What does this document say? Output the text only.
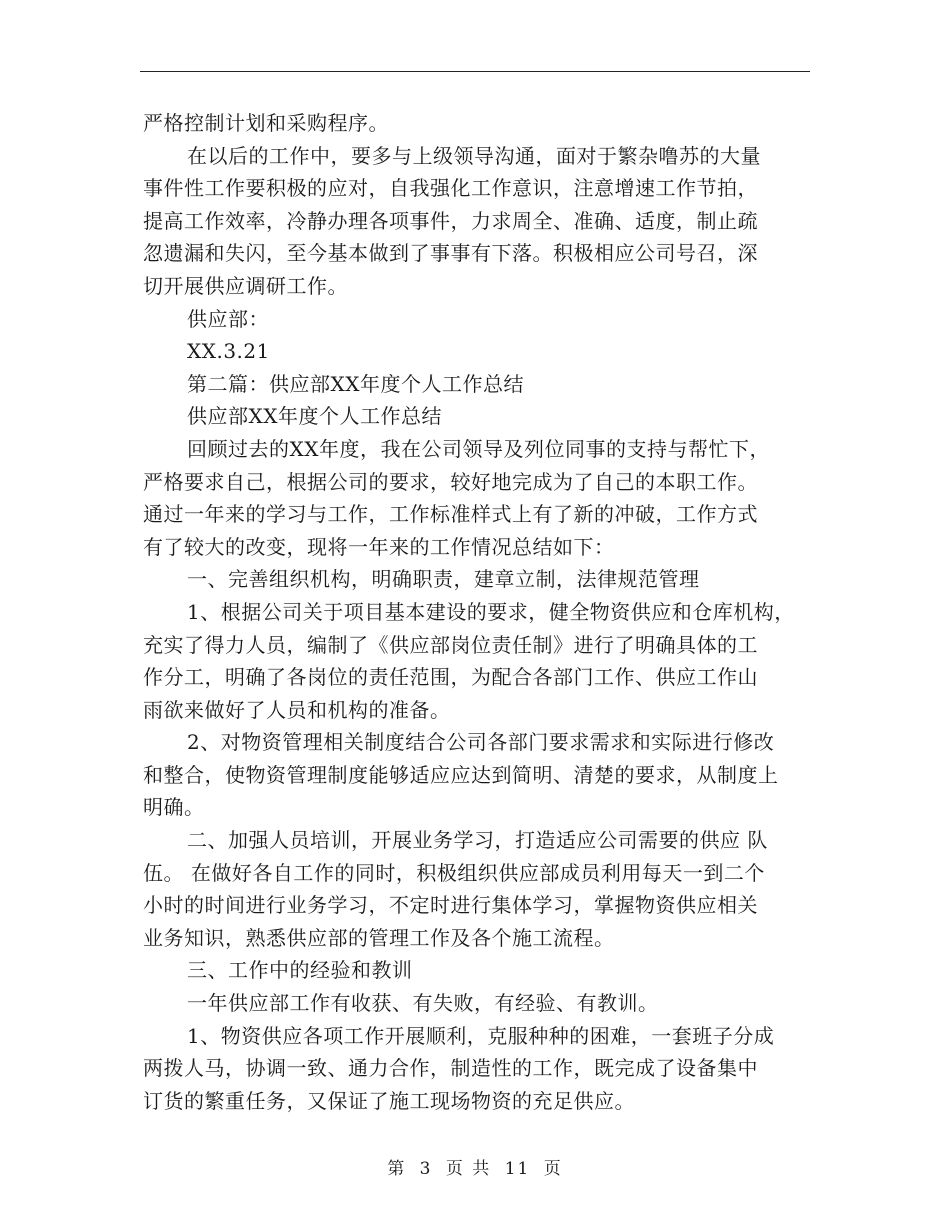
严格控制计划和采购程序。
在以后的工作中，要多与上级领导沟通，面对于繁杂噜苏的大量
事件性工作要积极的应对，自我强化工作意识，注意增速工作节拍，
提高工作效率，冷静办理各项事件，力求周全、准确、适度，制止疏
忽遗漏和失闪，至今基本做到了事事有下落。积极相应公司号召，深
切开展供应调研工作。
供应部：
XX.3.21
第二篇：供应部XX年度个人工作总结
供应部XX年度个人工作总结
回顾过去的XX年度，我在公司领导及列位同事的支持与帮忙下，
严格要求自己，根据公司的要求，较好地完成为了自己的本职工作。
通过一年来的学习与工作，工作标准样式上有了新的冲破，工作方式
有了较大的改变，现将一年来的工作情况总结如下：
一、完善组织机构，明确职责，建章立制，法律规范管理
1、根据公司关于项目基本建设的要求，健全物资供应和仓库机构，
充实了得力人员，编制了《供应部岗位责任制》进行了明确具体的工
作分工，明确了各岗位的责任范围，为配合各部门工作、供应工作山
雨欲来做好了人员和机构的准备。
2、对物资管理相关制度结合公司各部门要求需求和实际进行修改
和整合，使物资管理制度能够适应应达到简明、清楚的要求，从制度上
明确。
二、加强人员培训，开展业务学习，打造适应公司需要的供应 队
伍。 在做好各自工作的同时，积极组织供应部成员利用每天一到二个
小时的时间进行业务学习，不定时进行集体学习，掌握物资供应相关
业务知识，熟悉供应部的管理工作及各个施工流程。
三、工作中的经验和教训
一年供应部工作有收获、有失败，有经验、有教训。
1、物资供应各项工作开展顺利，克服种种的困难，一套班子分成
两拨人马，协调一致、通力合作，制造性的工作，既完成了设备集中
订货的繁重任务，又保证了施工现场物资的充足供应。
第 3 页 共 11 页
